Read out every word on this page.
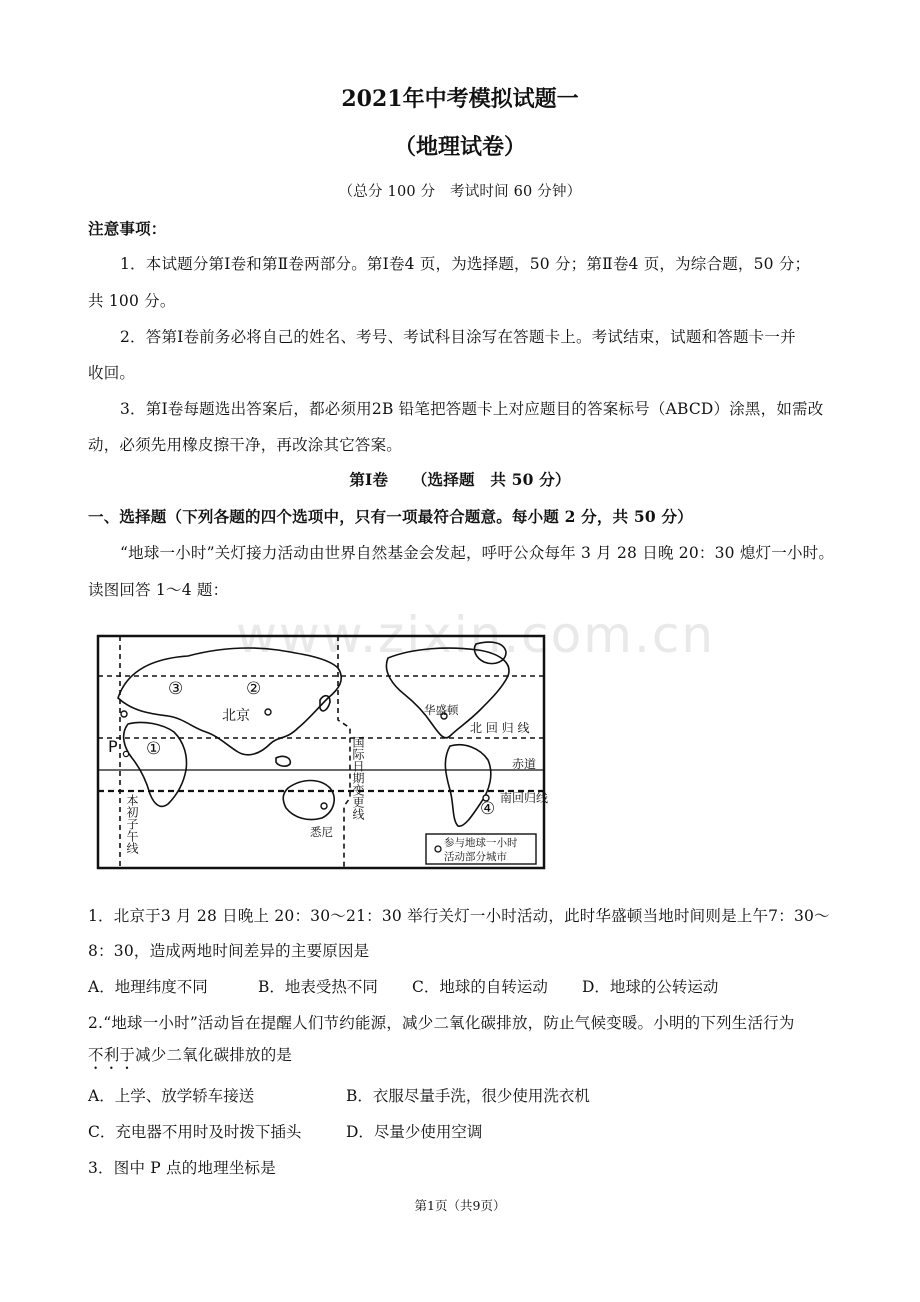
2021年中考模拟试题一
（地理试卷）
（总分 100 分　考试时间 60 分钟）
注意事项：
1．本试题分第Ⅰ卷和第Ⅱ卷两部分。第Ⅰ卷4 页，为选择题，50 分；第Ⅱ卷4 页，为综合题，50 分；
共 100 分。
2．答第Ⅰ卷前务必将自己的姓名、考号、考试科目涂写在答题卡上。考试结束，试题和答题卡一并
收回。
3．第Ⅰ卷每题选出答案后，都必须用2B 铅笔把答题卡上对应题目的答案标号（ABCD）涂黑，如需改
动，必须先用橡皮擦干净，再改涂其它答案。
第Ⅰ卷　　（选择题　共 50 分）
一、选择题（下列各题的四个选项中，只有一项最符合题意。每小题 2 分，共 50 分）
“地球一小时”关灯接力活动由世界自然基金会发起，呼吁公众每年 3 月 28 日晚 20：30 熄灯一小时。
读图回答 1～4 题：
www.zixin.com.cn
③	②
①
④
北京	华盛顿
悉尼
北 回 归 线
赤道
南回归线
P
参与地球一小时
活动部分城市
国际日期变更线
本初子午线
1．北京于3 月 28 日晚上 20：30～21：30 举行关灯一小时活动，此时华盛顿当地时间则是上午7：30～
8：30，造成两地时间差异的主要原因是
A．地理纬度不同	B．地表受热不同 C．地球的自转运动 D．地球的公转运动
2.“地球一小时”活动旨在提醒人们节约能源，减少二氧化碳排放，防止气候变暖。小明的下列生活行为
不利于减少二氧化碳排放的是
A．上学、放学轿车接送	B．衣服尽量手洗，很少使用洗衣机
C．充电器不用时及时拨下插头	D．尽量少使用空调
3．图中 P 点的地理坐标是
第1页（共9页）
